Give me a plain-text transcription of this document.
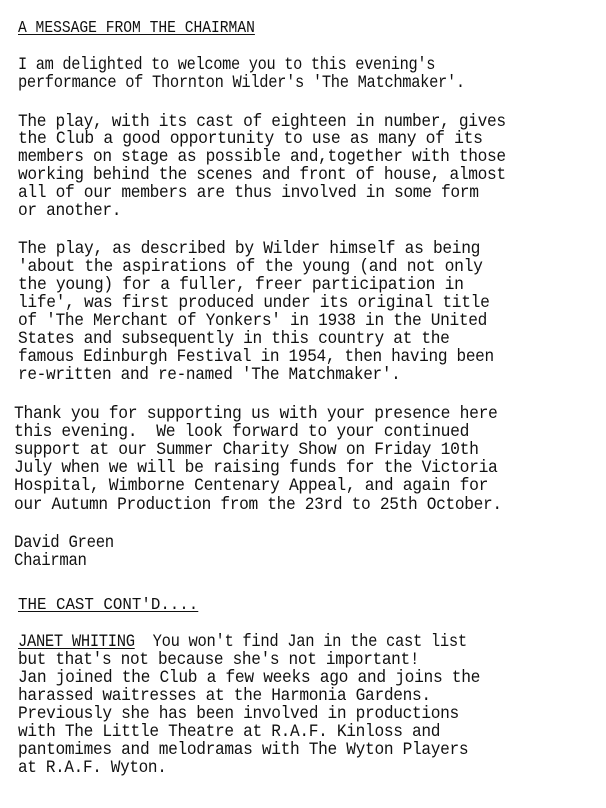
A MESSAGE FROM THE CHAIRMAN
I am delighted to welcome you to this evening's
performance of Thornton Wilder's 'The Matchmaker'.
The play, with its cast of eighteen in number, gives
the Club a good opportunity to use as many of its
members on stage as possible and,together with those
working behind the scenes and front of house, almost
all of our members are thus involved in some form
or another.
The play, as described by Wilder himself as being
'about the aspirations of the young (and not only
the young) for a fuller, freer participation in
life', was first produced under its original title
of 'The Merchant of Yonkers' in 1938 in the United
States and subsequently in this country at the
famous Edinburgh Festival in 1954, then having been
re-written and re-named 'The Matchmaker'.
Thank you for supporting us with your presence here
this evening.  We look forward to your continued
support at our Summer Charity Show on Friday 10th
July when we will be raising funds for the Victoria
Hospital, Wimborne Centenary Appeal, and again for
our Autumn Production from the 23rd to 25th October.
David Green
Chairman
THE CAST CONT'D....
JANET WHITING  You won't find Jan in the cast list
but that's not because she's not important!
Jan joined the Club a few weeks ago and joins the
harassed waitresses at the Harmonia Gardens.
Previously she has been involved in productions
with The Little Theatre at R.A.F. Kinloss and
pantomimes and melodramas with The Wyton Players
at R.A.F. Wyton.
